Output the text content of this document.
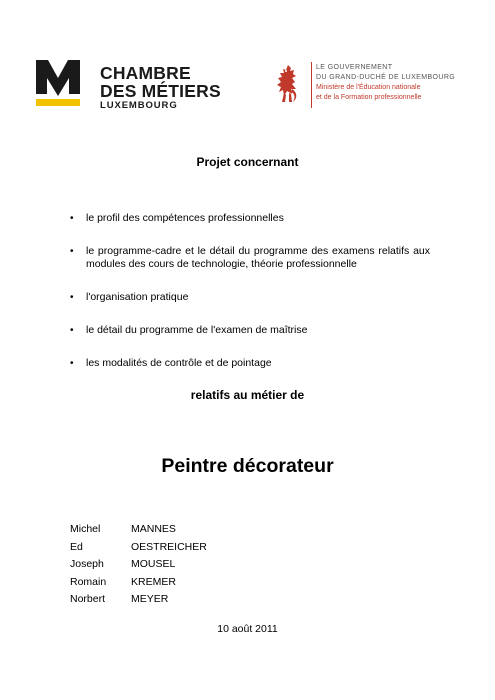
CHAMBRE
DES MÉTIERS
LUXEMBOURG
LE GOUVERNEMENT
DU GRAND-DUCHÉ DE LUXEMBOURG
Ministère de l'Éducation nationale
et de la Formation professionnelle
Projet concernant
• le profil des compétences professionnelles
• le programme-cadre et le détail du programme des examens relatifs aux modules des cours de technologie, théorie professionnelle
• l'organisation pratique
• le détail du programme de l'examen de maîtrise
• les modalités de contrôle et de pointage
relatifs au métier de
Peintre décorateur
Michel	MANNES
Ed	OESTREICHER
Joseph	MOUSEL
Romain	KREMER
Norbert	MEYER
10 août 2011
